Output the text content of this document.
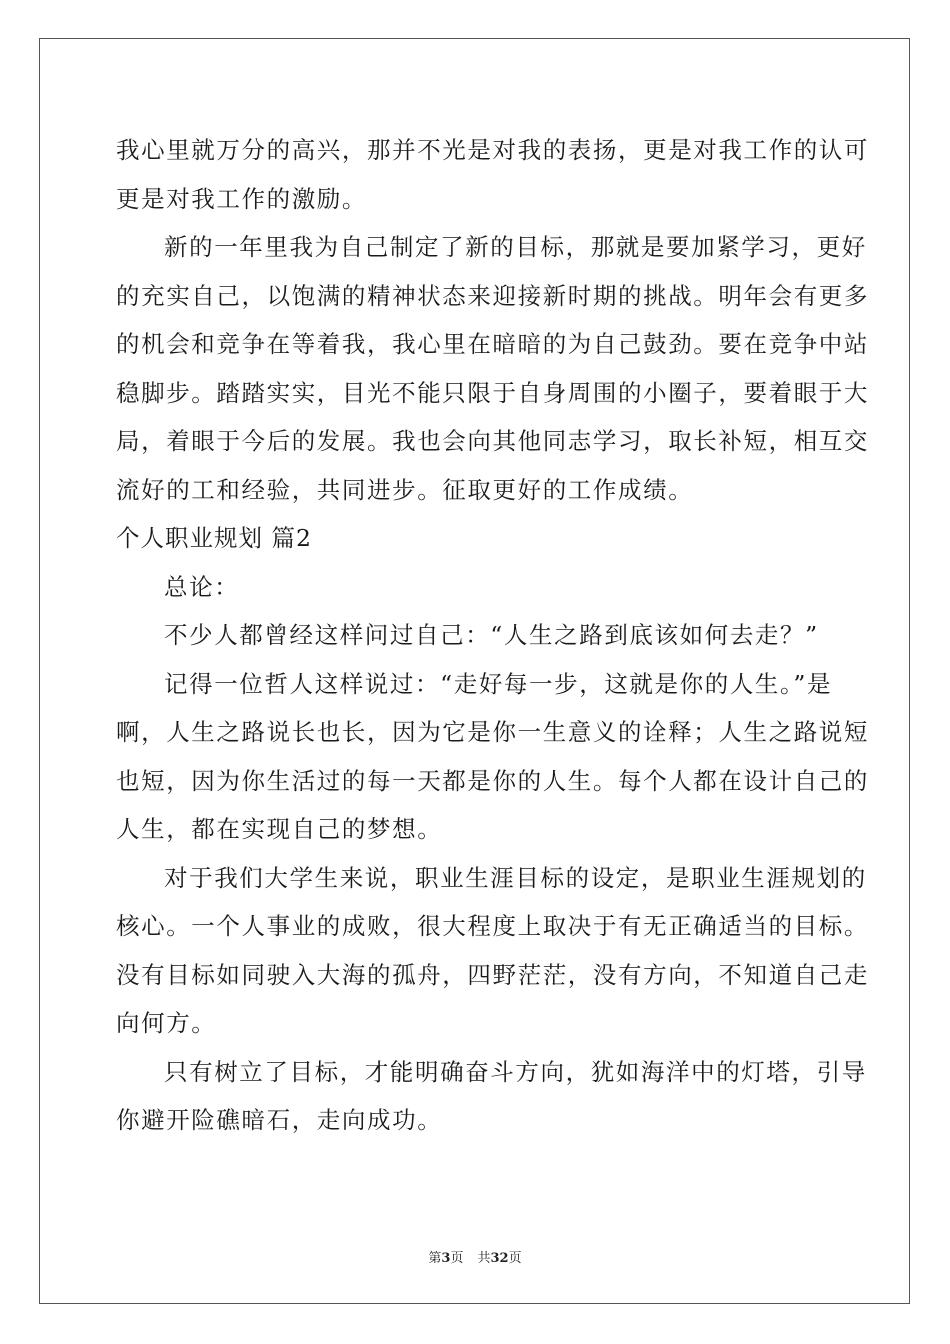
我心里就万分的高兴，那并不光是对我的表扬，更是对我工作的认可
更是对我工作的激励。
新的一年里我为自己制定了新的目标，那就是要加紧学习，更好
的充实自己，以饱满的精神状态来迎接新时期的挑战。明年会有更多
的机会和竞争在等着我，我心里在暗暗的为自己鼓劲。要在竞争中站
稳脚步。踏踏实实，目光不能只限于自身周围的小圈子，要着眼于大
局，着眼于今后的发展。我也会向其他同志学习，取长补短，相互交
流好的工和经验，共同进步。征取更好的工作成绩。
个人职业规划 篇2
总论：
不少人都曾经这样问过自己：“人生之路到底该如何去走？”
记得一位哲人这样说过：“走好每一步，这就是你的人生。”是
啊，人生之路说长也长，因为它是你一生意义的诠释；人生之路说短
也短，因为你生活过的每一天都是你的人生。每个人都在设计自己的
人生，都在实现自己的梦想。
对于我们大学生来说，职业生涯目标的设定，是职业生涯规划的
核心。一个人事业的成败，很大程度上取决于有无正确适当的目标。
没有目标如同驶入大海的孤舟，四野茫茫，没有方向，不知道自己走
向何方。
只有树立了目标，才能明确奋斗方向，犹如海洋中的灯塔，引导
你避开险礁暗石，走向成功。
第3页 共32页
